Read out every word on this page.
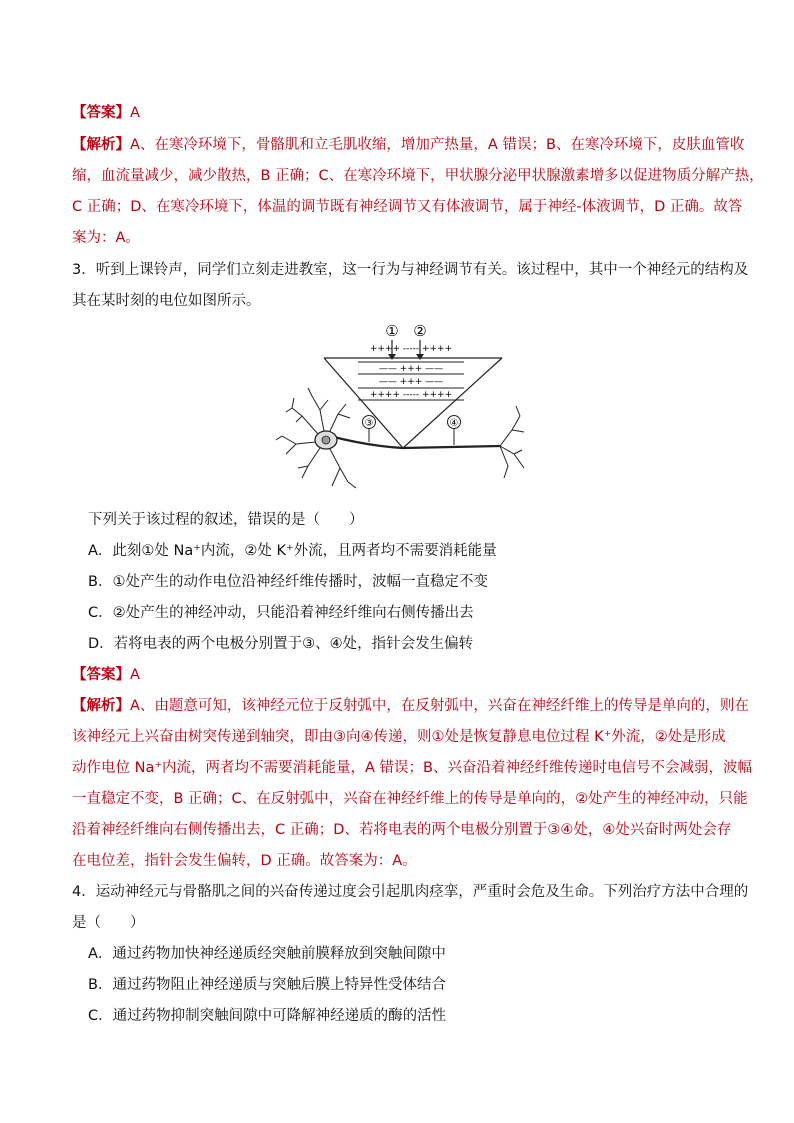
【答案】A
【解析】A、在寒冷环境下，骨骼肌和立毛肌收缩，增加产热量，A 错误；B、在寒冷环境下，皮肤血管收
缩，血流量减少，减少散热，B 正确；C、在寒冷环境下，甲状腺分泌甲状腺激素增多以促进物质分解产热，
C 正确；D、在寒冷环境下，体温的调节既有神经调节又有体液调节，属于神经-体液调节，D 正确。故答
案为：A。
3．听到上课铃声，同学们立刻走进教室，这一行为与神经调节有关。该过程中，其中一个神经元的结构及
其在某时刻的电位如图所示。
① ②
++++ ----- ++++
—— +++ ——
—— +++ ——
++++ ----- ++++
③	④
下列关于该过程的叙述，错误的是（　　）
A．此刻①处 Na⁺内流，②处 K⁺外流，且两者均不需要消耗能量
B．①处产生的动作电位沿神经纤维传播时，波幅一直稳定不变
C．②处产生的神经冲动，只能沿着神经纤维向右侧传播出去
D．若将电表的两个电极分别置于③、④处，指针会发生偏转
【答案】A
【解析】A、由题意可知，该神经元位于反射弧中，在反射弧中，兴奋在神经纤维上的传导是单向的，则在
该神经元上兴奋由树突传递到轴突，即由③向④传递，则①处是恢复静息电位过程 K⁺外流，②处是形成
动作电位 Na⁺内流，两者均不需要消耗能量，A 错误；B、兴奋沿着神经纤维传递时电信号不会减弱，波幅
一直稳定不变，B 正确；C、在反射弧中，兴奋在神经纤维上的传导是单向的，②处产生的神经冲动，只能
沿着神经纤维向右侧传播出去，C 正确；D、若将电表的两个电极分别置于③④处，④处兴奋时两处会存
在电位差，指针会发生偏转，D 正确。故答案为：A。
4．运动神经元与骨骼肌之间的兴奋传递过度会引起肌肉痉挛，严重时会危及生命。下列治疗方法中合理的
是（　　）
A．通过药物加快神经递质经突触前膜释放到突触间隙中
B．通过药物阻止神经递质与突触后膜上特异性受体结合
C．通过药物抑制突触间隙中可降解神经递质的酶的活性
